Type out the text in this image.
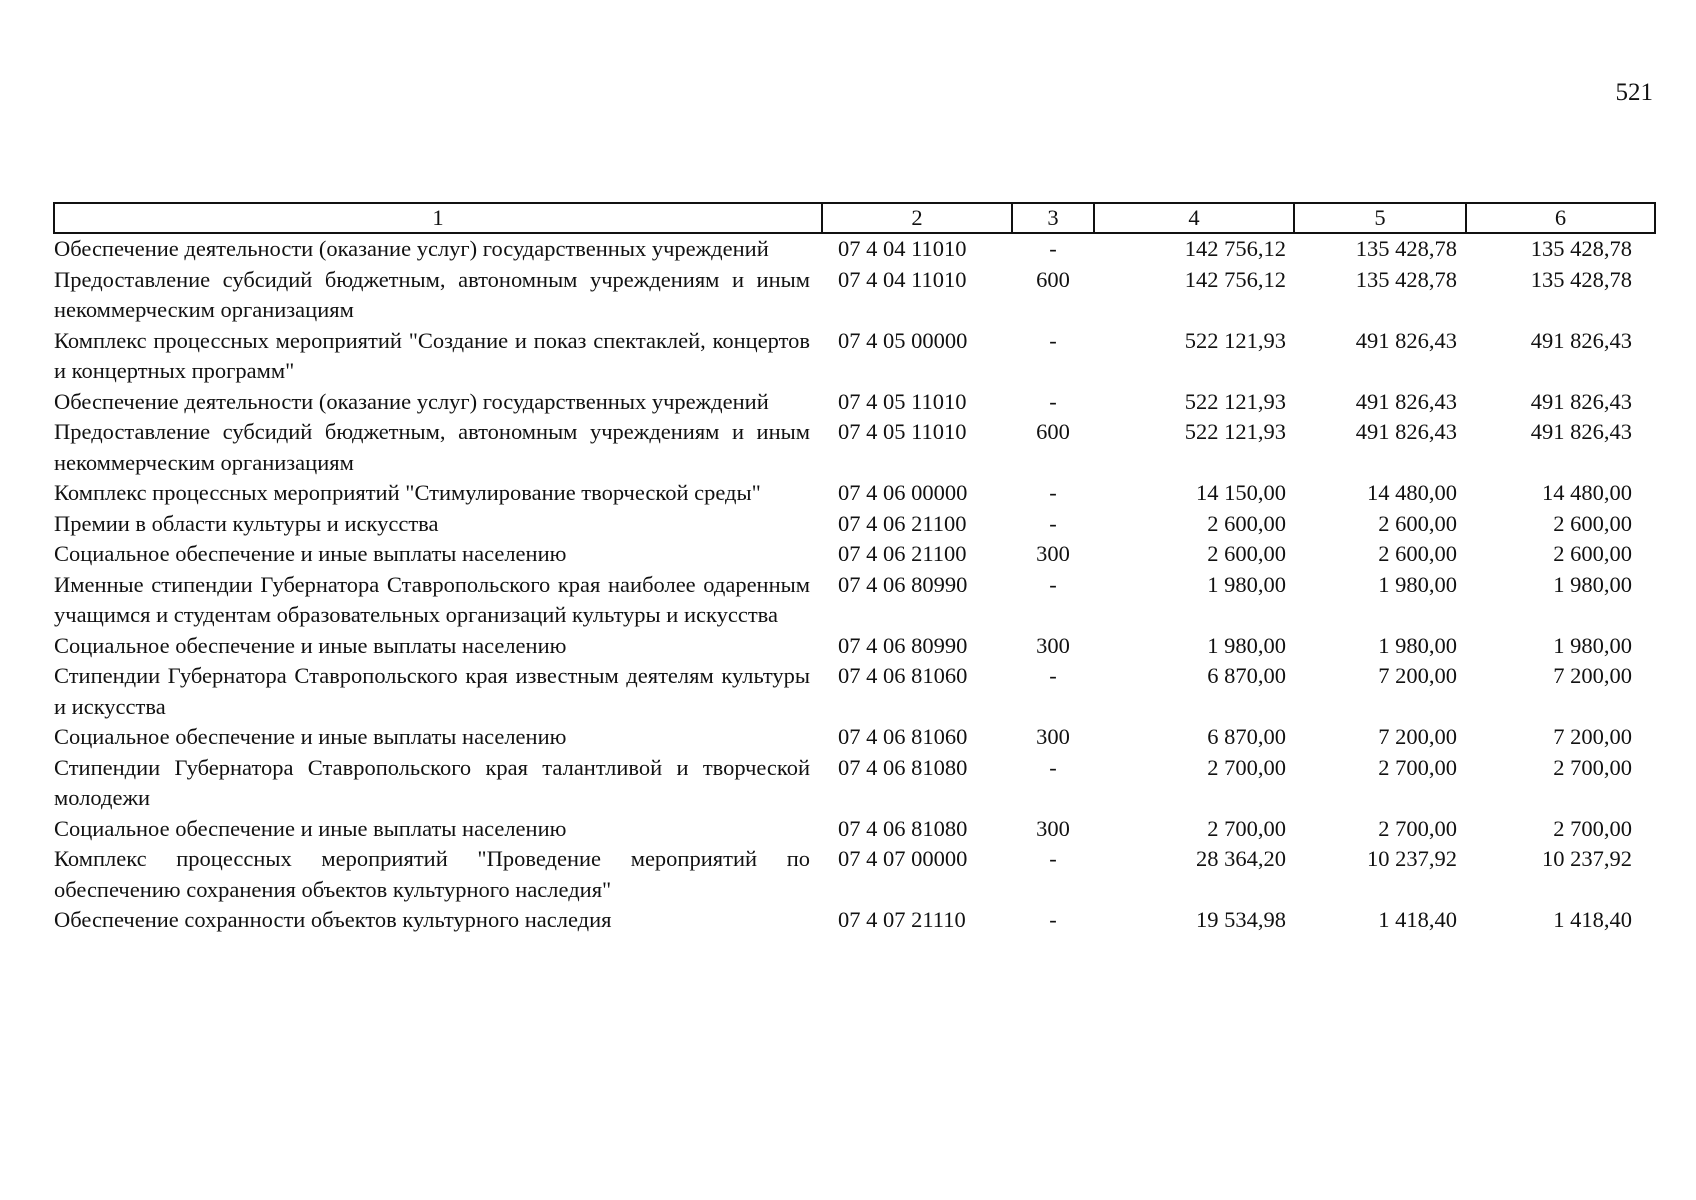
521
1	2	3	4	5	6
Обеспечение деятельности (оказание услуг) государственных учреждений	07 4 04 11010	-	142 756,12	135 428,78	135 428,78
Предоставление субсидий бюджетным, автономным учреждениям и иным некоммерческим организациям	07 4 04 11010	600	142 756,12	135 428,78	135 428,78
Комплекс процессных мероприятий "Создание и показ спектаклей, концертов и концертных программ"	07 4 05 00000	-	522 121,93	491 826,43	491 826,43
Обеспечение деятельности (оказание услуг) государственных учреждений	07 4 05 11010	-	522 121,93	491 826,43	491 826,43
Предоставление субсидий бюджетным, автономным учреждениям и иным некоммерческим организациям	07 4 05 11010	600	522 121,93	491 826,43	491 826,43
Комплекс процессных мероприятий "Стимулирование творческой среды"	07 4 06 00000	-	14 150,00	14 480,00	14 480,00
Премии в области культуры и искусства	07 4 06 21100	-	2 600,00	2 600,00	2 600,00
Социальное обеспечение и иные выплаты населению	07 4 06 21100	300	2 600,00	2 600,00	2 600,00
Именные стипендии Губернатора Ставропольского края наиболее одаренным учащимся и студентам образовательных организаций культуры и искусства	07 4 06 80990	-	1 980,00	1 980,00	1 980,00
Социальное обеспечение и иные выплаты населению	07 4 06 80990	300	1 980,00	1 980,00	1 980,00
Стипендии Губернатора Ставропольского края известным деятелям культуры и искусства	07 4 06 81060	-	6 870,00	7 200,00	7 200,00
Социальное обеспечение и иные выплаты населению	07 4 06 81060	300	6 870,00	7 200,00	7 200,00
Стипендии Губернатора Ставропольского края талантливой и творческой молодежи	07 4 06 81080	-	2 700,00	2 700,00	2 700,00
Социальное обеспечение и иные выплаты населению	07 4 06 81080	300	2 700,00	2 700,00	2 700,00
Комплекс процессных мероприятий "Проведение мероприятий по обеспечению сохранения объектов культурного наследия"	07 4 07 00000	-	28 364,20	10 237,92	10 237,92
Обеспечение сохранности объектов культурного наследия	07 4 07 21110	-	19 534,98	1 418,40	1 418,40
